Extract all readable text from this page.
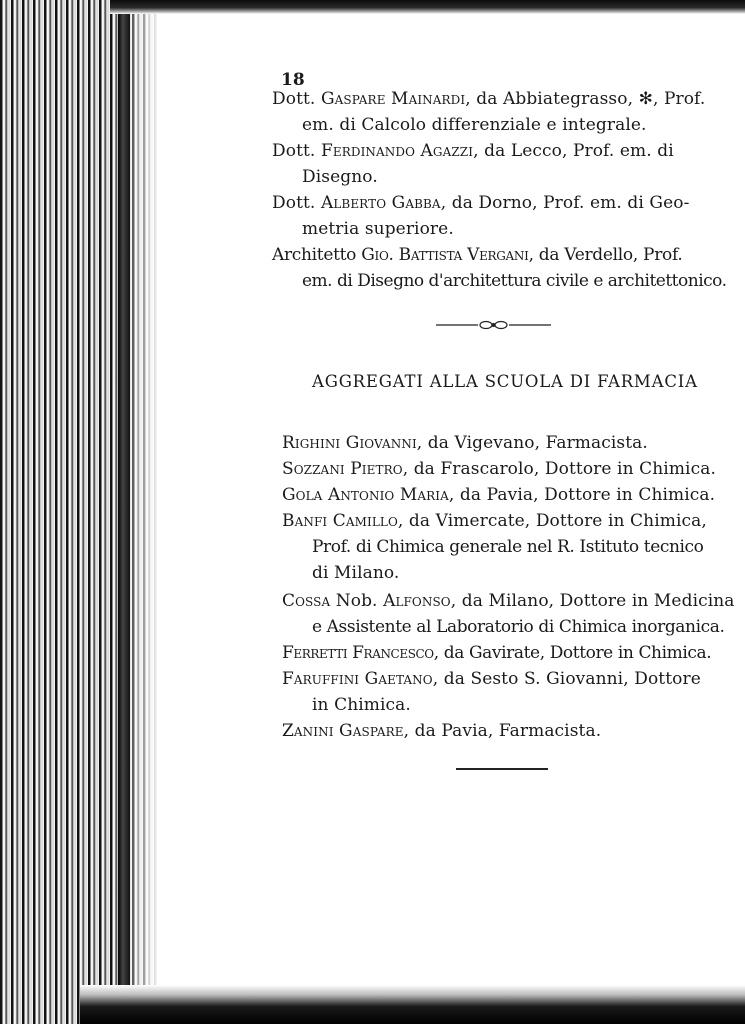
18
Dott. Gaspare Mainardi, da Abbiategrasso, ✻, Prof.
em. di Calcolo differenziale e integrale.
Dott. Ferdinando Agazzi, da Lecco, Prof. em. di
Disegno.
Dott. Alberto Gabba, da Dorno, Prof. em. di Geo-
metria superiore.
Architetto Gio. Battista Vergani, da Verdello, Prof.
em. di Disegno d'architettura civile e architettonico.
AGGREGATI ALLA SCUOLA DI FARMACIA
Righini Giovanni, da Vigevano, Farmacista.
Sozzani Pietro, da Frascarolo, Dottore in Chimica.
Gola Antonio Maria, da Pavia, Dottore in Chimica.
Banfi Camillo, da Vimercate, Dottore in Chimica,
Prof. di Chimica generale nel R. Istituto tecnico
di Milano.
Cossa Nob. Alfonso, da Milano, Dottore in Medicina
e Assistente al Laboratorio di Chimica inorganica.
Ferretti Francesco, da Gavirate, Dottore in Chimica.
Faruffini Gaetano, da Sesto S. Giovanni, Dottore
in Chimica.
Zanini Gaspare, da Pavia, Farmacista.
